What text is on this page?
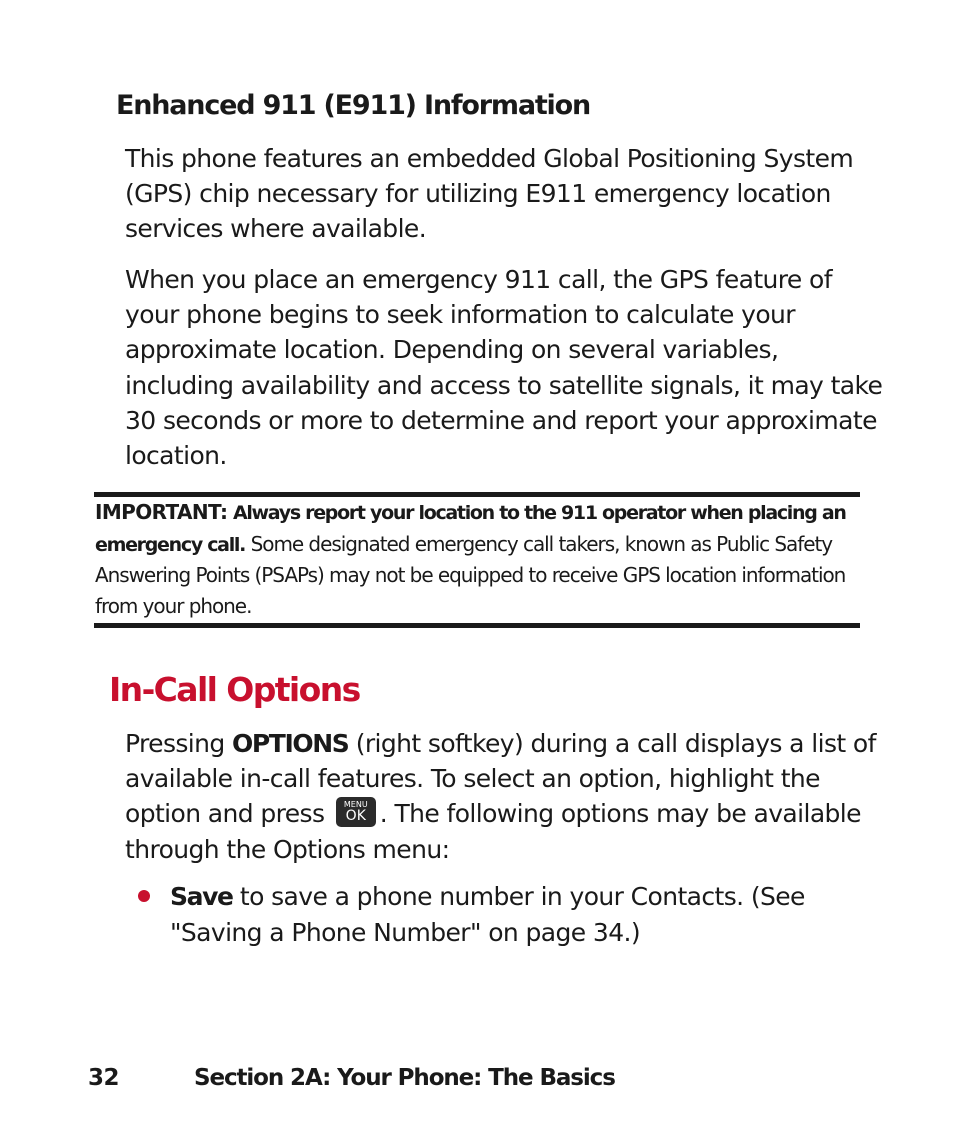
Enhanced 911 (E911) Information

This phone features an embedded Global Positioning System (GPS) chip necessary for utilizing E911 emergency location services where available.

When you place an emergency 911 call, the GPS feature of your phone begins to seek information to calculate your approximate location. Depending on several variables, including availability and access to satellite signals, it may take 30 seconds or more to determine and report your approximate location.

IMPORTANT: Always report your location to the 911 operator when placing an emergency call. Some designated emergency call takers, known as Public Safety Answering Points (PSAPs) may not be equipped to receive GPS location information from your phone.

In-Call Options

Pressing OPTIONS (right softkey) during a call displays a list of available in-call features. To select an option, highlight the option and press	MENU
OK . The following options may be available through the Options menu:

Save to save a phone number in your Contacts. (See "Saving a Phone Number" on page 34.)

32	Section 2A: Your Phone: The Basics
